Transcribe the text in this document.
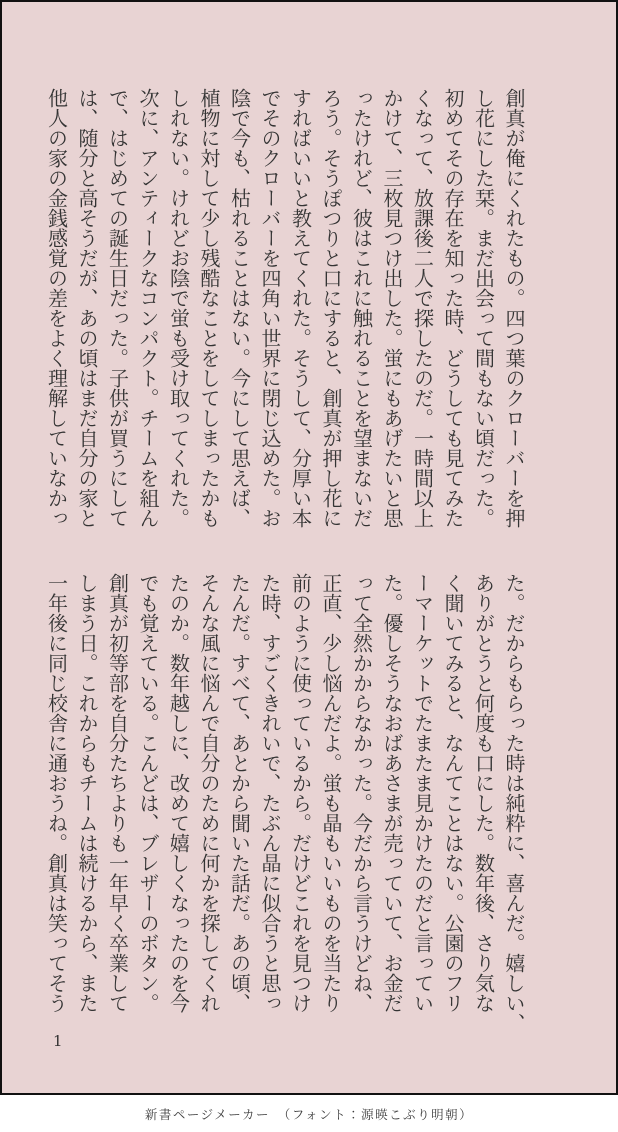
創真が俺にくれたもの。四つ葉のクローバーを押
し花にした栞。まだ出会って間もない頃だった。
初めてその存在を知った時、どうしても見てみた
くなって、放課後二人で探したのだ。一時間以上
かけて、三枚見つけ出した。蛍にもあげたいと思
ったけれど、彼はこれに触れることを望まないだ
ろう。そうぽつりと口にすると、創真が押し花に
すればいいと教えてくれた。そうして、分厚い本
でそのクローバーを四角い世界に閉じ込めた。お
陰で今も、枯れることはない。今にして思えば、
植物に対して少し残酷なことをしてしまったかも
しれない。けれどお陰で蛍も受け取ってくれた。
次に、アンティークなコンパクト。チームを組ん
で、はじめての誕生日だった。子供が買うにして
は、随分と高そうだが、あの頃はまだ自分の家と
他人の家の金銭感覚の差をよく理解していなかっ
た。だからもらった時は純粋に、喜んだ。嬉しい、
ありがとうと何度も口にした。数年後、さり気な
く聞いてみると、なんてことはない。公園のフリ
ーマーケットでたまたま見かけたのだと言ってい
た。優しそうなおばあさまが売っていて、お金だ
って全然かからなかった。今だから言うけどね、
正直、少し悩んだよ。蛍も晶もいいものを当たり
前のように使っているから。だけどこれを見つけ
た時、すごくきれいで、たぶん晶に似合うと思っ
たんだ。すべて、あとから聞いた話だ。あの頃、
そんな風に悩んで自分のために何かを探してくれ
たのか。数年越しに、改めて嬉しくなったのを今
でも覚えている。こんどは、ブレザーのボタン。
創真が初等部を自分たちよりも一年早く卒業して
しまう日。これからもチームは続けるから、また
一年後に同じ校舎に通おうね。創真は笑ってそう
1
新書ページメーカー　（フォント：源暎こぶり明朝）
